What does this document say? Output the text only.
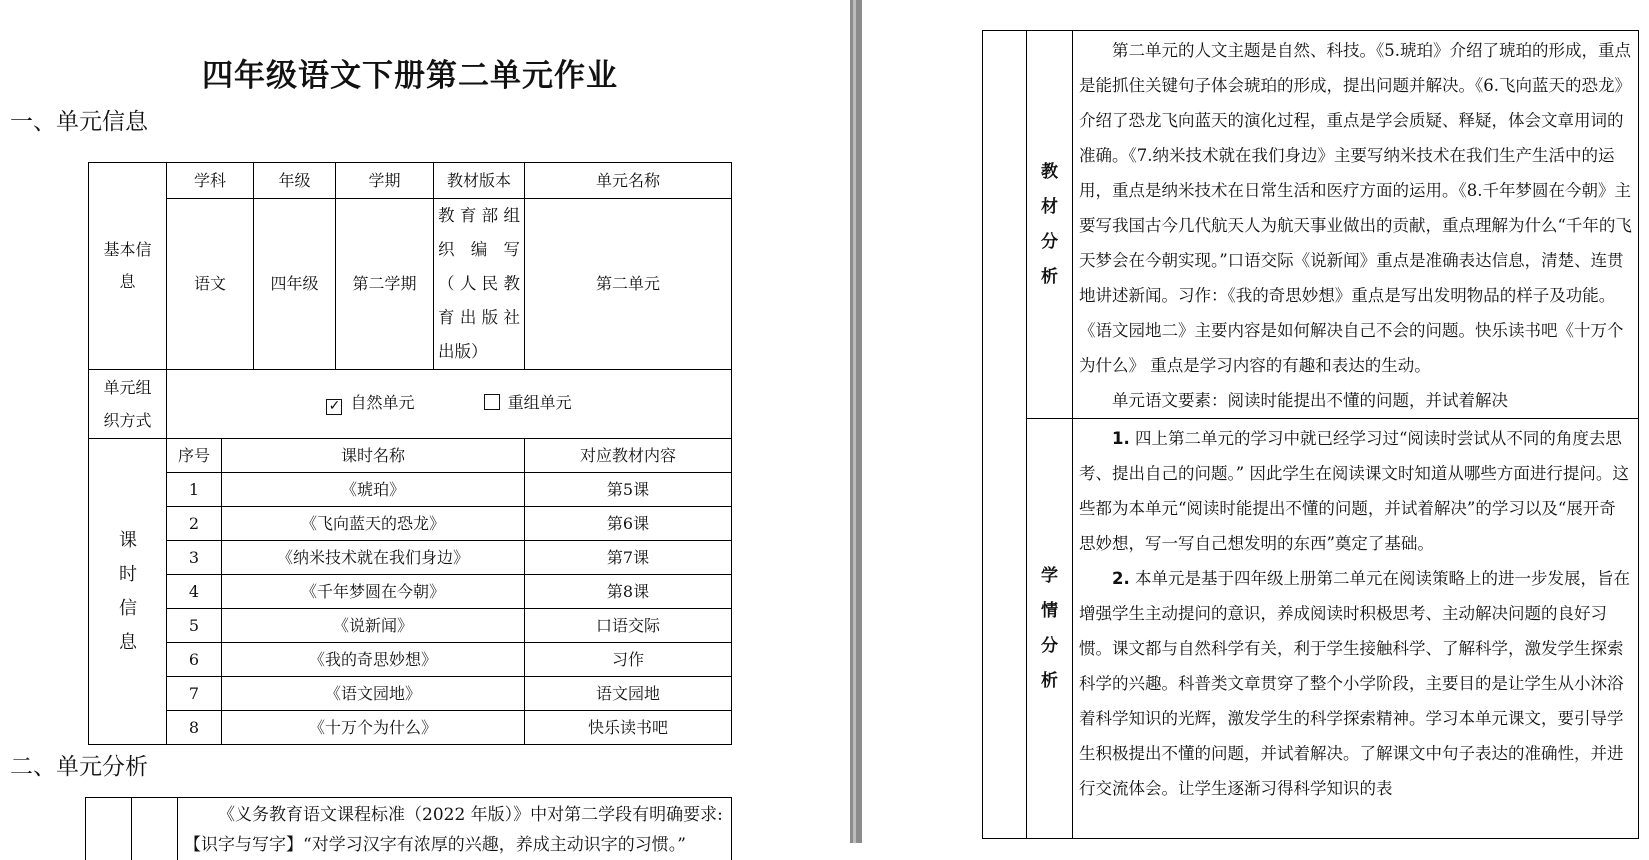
四年级语文下册第二单元作业
一、单元信息
基本信息	学科		年级	学期	教材版本	单元名称
	语文		四年级	第二学期	教育部组织编写（人民教育出版社出版）	第二单元
单元组织方式	✓ 自然单元 重组单元					
课时信息	序号	课时名称				对应教材内容
	1	《琥珀》				第5课
	2	《飞向蓝天的恐龙》				第6课
	3	《纳米技术就在我们身边》				第7课
	4	《千年梦圆在今朝》				第8课
	5	《说新闻》				口语交际
	6	《我的奇思妙想》				习作
	7	《语文园地》				语文园地
	8	《十万个为什么》				快乐读书吧
二、单元分析
		《义务教育语文课程标准（2022 年版）》中对第二学段有明确要求:【识字与写字】“对学习汉字有浓厚的兴趣，养成主动识字的习惯。”
	教材分析	第二单元的人文主题是自然、科技。《5.琥珀》介绍了琥珀的形成，重点是能抓住关键句子体会琥珀的形成，提出问题并解决。《6.飞向蓝天的恐龙》介绍了恐龙飞向蓝天的演化过程，重点是学会质疑、释疑，体会文章用词的准确。《7.纳米技术就在我们身边》主要写纳米技术在我们生产生活中的运用，重点是纳米技术在日常生活和医疗方面的运用。《8.千年梦圆在今朝》主要写我国古今几代航天人为航天事业做出的贡献，重点理解为什么“千年的飞天梦会在今朝实现。”口语交际《说新闻》重点是准确表达信息，清楚、连贯地讲述新闻。习作：《我的奇思妙想》重点是写出发明物品的样子及功能。《语文园地二》主要内容是如何解决自己不会的问题。快乐读书吧《十万个为什么》 重点是学习内容的有趣和表达的生动。

单元语文要素：阅读时能提出不懂的问题，并试着解决

	学情分析	1. 四上第二单元的学习中就已经学习过“阅读时尝试从不同的角度去思考、提出自己的问题。” 因此学生在阅读课文时知道从哪些方面进行提问。这些都为本单元“阅读时能提出不懂的问题，并试着解决”的学习以及“展开奇思妙想，写一写自己想发明的东西”奠定了基础。

2. 本单元是基于四年级上册第二单元在阅读策略上的进一步发展，旨在增强学生主动提问的意识，养成阅读时积极思考、主动解决问题的良好习惯。课文都与自然科学有关，利于学生接触科学、了解科学，激发学生探索科学的兴趣。科普类文章贯穿了整个小学阶段，主要目的是让学生从小沐浴着科学知识的光辉，激发学生的科学探索精神。学习本单元课文，要引导学生积极提出不懂的问题，并试着解决。了解课文中句子表达的准确性，并进行交流体会。让学生逐渐习得科学知识的表
